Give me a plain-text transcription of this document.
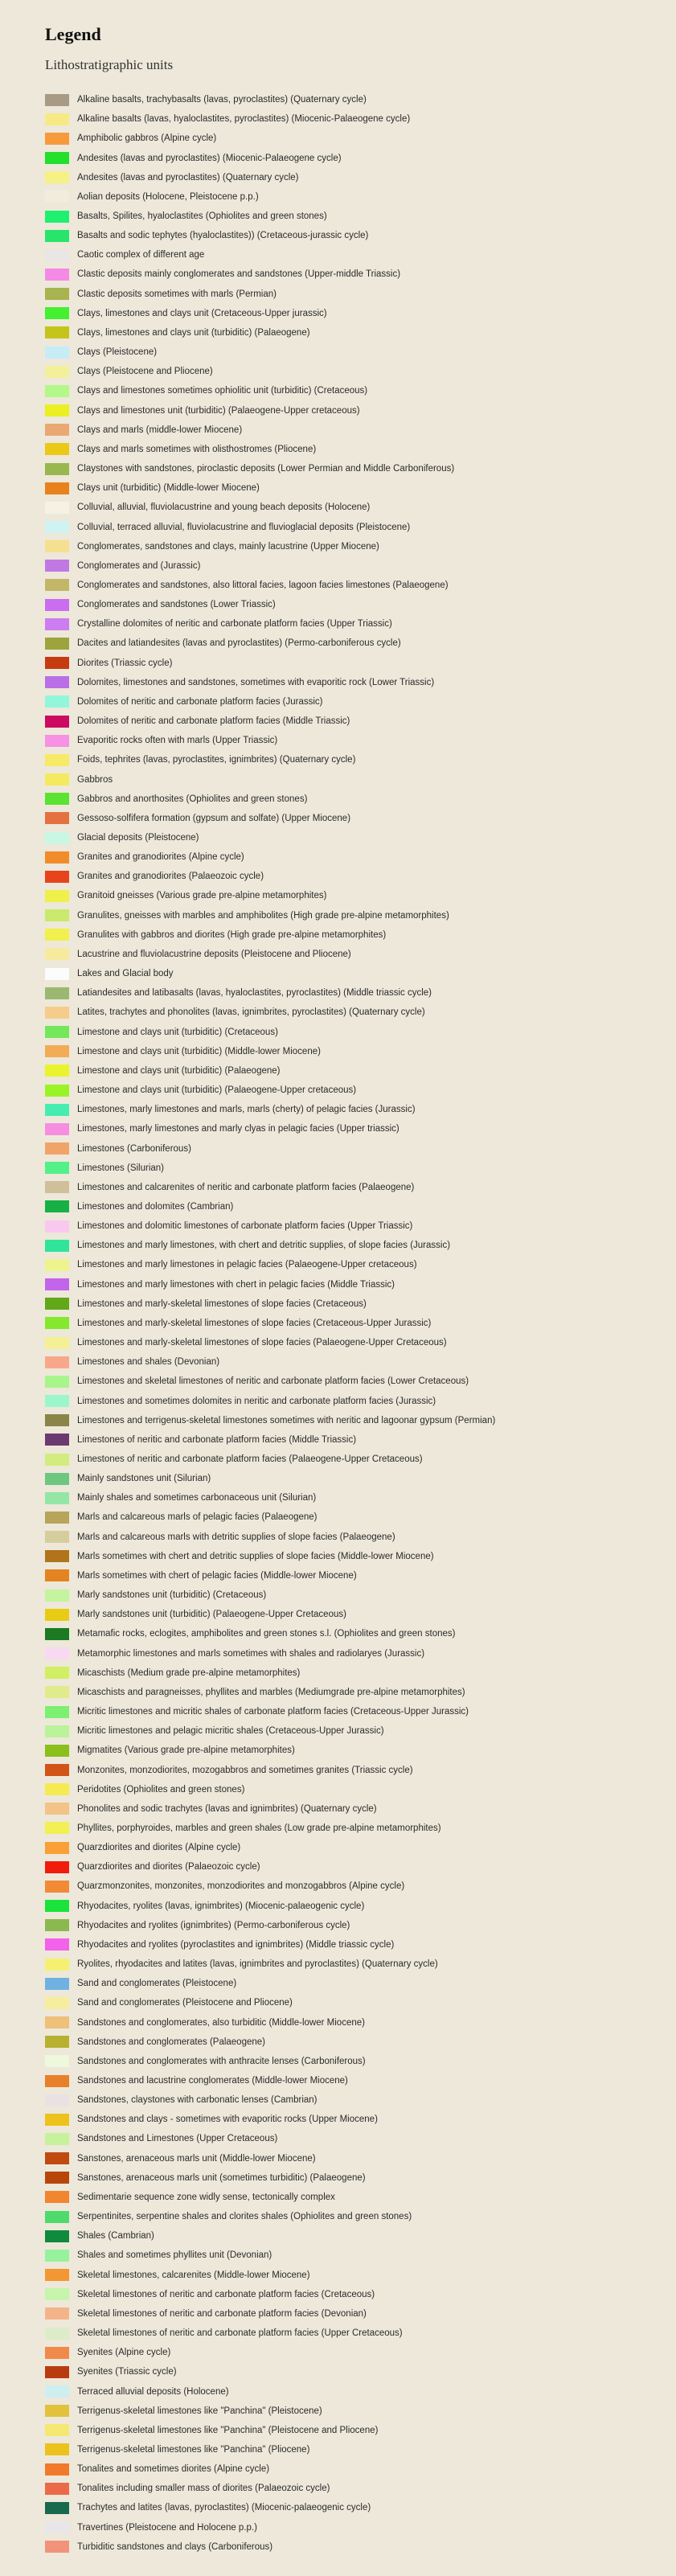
Legend
Lithostratigraphic units
Alkaline basalts, trachybasalts (lavas, pyroclastites) (Quaternary cycle)
Alkaline basalts (lavas, hyaloclastites, pyroclastites) (Miocenic-Palaeogene cycle)
Amphibolic gabbros (Alpine cycle)
Andesites (lavas and pyroclastites) (Miocenic-Palaeogene cycle)
Andesites (lavas and pyroclastites) (Quaternary cycle)
Aolian deposits (Holocene, Pleistocene p.p.)
Basalts, Spilites, hyaloclastites (Ophiolites and green stones)
Basalts and sodic tephytes (hyaloclastites)) (Cretaceous-jurassic cycle)
Caotic complex of different age
Clastic deposits mainly conglomerates and sandstones (Upper-middle Triassic)
Clastic deposits sometimes with marls (Permian)
Clays, limestones and clays unit (Cretaceous-Upper jurassic)
Clays, limestones and clays unit (turbiditic) (Palaeogene)
Clays (Pleistocene)
Clays (Pleistocene and Pliocene)
Clays and limestones sometimes ophiolitic unit (turbiditic) (Cretaceous)
Clays and limestones unit (turbiditic) (Palaeogene-Upper cretaceous)
Clays and marls (middle-lower Miocene)
Clays and marls sometimes with olisthostromes (Pliocene)
Claystones with sandstones, piroclastic deposits (Lower Permian and Middle Carboniferous)
Clays unit (turbiditic) (Middle-lower Miocene)
Colluvial, alluvial, fluviolacustrine and young beach deposits (Holocene)
Colluvial, terraced alluvial, fluviolacustrine and fluvioglacial deposits (Pleistocene)
Conglomerates, sandstones and clays, mainly lacustrine (Upper Miocene)
Conglomerates and (Jurassic)
Conglomerates and sandstones, also littoral facies, lagoon facies limestones (Palaeogene)
Conglomerates and sandstones (Lower Triassic)
Crystalline dolomites of neritic and carbonate platform facies (Upper Triassic)
Dacites and latiandesites (lavas and pyroclastites) (Permo-carboniferous cycle)
Diorites (Triassic cycle)
Dolomites, limestones and sandstones, sometimes with evaporitic rock (Lower Triassic)
Dolomites of neritic and carbonate platform facies (Jurassic)
Dolomites of neritic and carbonate platform facies (Middle Triassic)
Evaporitic rocks often with marls (Upper Triassic)
Foids, tephrites (lavas, pyroclastites, ignimbrites) (Quaternary cycle)
Gabbros
Gabbros and anorthosites (Ophiolites and green stones)
Gessoso-solfifera formation (gypsum and solfate) (Upper Miocene)
Glacial deposits (Pleistocene)
Granites and granodiorites (Alpine cycle)
Granites and granodiorites (Palaeozoic cycle)
Granitoid gneisses (Various grade pre-alpine metamorphites)
Granulites, gneisses with marbles and amphibolites (High grade pre-alpine metamorphites)
Granulites with gabbros and diorites (High grade pre-alpine metamorphites)
Lacustrine and fluviolacustrine deposits (Pleistocene and Pliocene)
Lakes and Glacial body
Latiandesites and latibasalts (lavas, hyaloclastites, pyroclastites) (Middle triassic cycle)
Latites, trachytes and phonolites (lavas, ignimbrites, pyroclastites) (Quaternary cycle)
Limestone and clays unit (turbiditic) (Cretaceous)
Limestone and clays unit (turbiditic) (Middle-lower Miocene)
Limestone and clays unit (turbiditic) (Palaeogene)
Limestone and clays unit (turbiditic) (Palaeogene-Upper cretaceous)
Limestones, marly limestones and marls, marls (cherty) of pelagic facies (Jurassic)
Limestones, marly limestones and marly clyas in pelagic facies (Upper triassic)
Limestones (Carboniferous)
Limestones (Silurian)
Limestones and calcarenites of neritic and carbonate platform facies (Palaeogene)
Limestones and dolomites (Cambrian)
Limestones and dolomitic limestones of carbonate platform facies (Upper Triassic)
Limestones and marly limestones, with chert and detritic supplies, of slope facies (Jurassic)
Limestones and marly limestones in pelagic facies (Palaeogene-Upper cretaceous)
Limestones and marly limestones with chert in pelagic facies (Middle Triassic)
Limestones and marly-skeletal limestones of slope facies (Cretaceous)
Limestones and marly-skeletal limestones of slope facies (Cretaceous-Upper Jurassic)
Limestones and marly-skeletal limestones of slope facies (Palaeogene-Upper Cretaceous)
Limestones and shales (Devonian)
Limestones and skeletal limestones of neritic and carbonate platform facies (Lower Cretaceous)
Limestones and sometimes dolomites in neritic and carbonate platform facies (Jurassic)
Limestones and terrigenus-skeletal limestones sometimes with neritic and lagoonar gypsum (Permian)
Limestones of neritic and carbonate platform facies (Middle Triassic)
Limestones of neritic and carbonate platform facies (Palaeogene-Upper Cretaceous)
Mainly sandstones unit (Silurian)
Mainly shales and sometimes carbonaceous unit (Silurian)
Marls and calcareous marls of pelagic facies (Palaeogene)
Marls and calcareous marls with detritic supplies of slope facies (Palaeogene)
Marls sometimes with chert and detritic supplies of slope facies (Middle-lower Miocene)
Marls sometimes with chert of pelagic facies (Middle-lower Miocene)
Marly sandstones unit (turbiditic) (Cretaceous)
Marly sandstones unit (turbiditic) (Palaeogene-Upper Cretaceous)
Metamafic rocks, eclogites, amphibolites and green stones s.l. (Ophiolites and green stones)
Metamorphic limestones and marls sometimes with shales and radiolaryes (Jurassic)
Micaschists (Medium grade pre-alpine metamorphites)
Micaschists and paragneisses, phyllites and marbles (Mediumgrade pre-alpine metamorphites)
Micritic limestones and micritic shales of carbonate platform facies (Cretaceous-Upper Jurassic)
Micritic limestones and pelagic micritic shales (Cretaceous-Upper Jurassic)
Migmatites (Various grade pre-alpine metamorphites)
Monzonites, monzodiorites, mozogabbros and sometimes granites (Triassic cycle)
Peridotites (Ophiolites and green stones)
Phonolites and sodic trachytes (lavas and ignimbrites) (Quaternary cycle)
Phyllites, porphyroides, marbles and green shales (Low grade pre-alpine metamorphites)
Quarzdiorites and diorites (Alpine cycle)
Quarzdiorites and diorites (Palaeozoic cycle)
Quarzmonzonites, monzonites, monzodiorites and monzogabbros (Alpine cycle)
Rhyodacites, ryolites (lavas, ignimbrites) (Miocenic-palaeogenic cycle)
Rhyodacites and ryolites (ignimbrites) (Permo-carboniferous cycle)
Rhyodacites and ryolites (pyroclastites and ignimbrites) (Middle triassic cycle)
Ryolites, rhyodacites and latites (lavas, ignimbrites and pyroclastites) (Quaternary cycle)
Sand and conglomerates (Pleistocene)
Sand and conglomerates (Pleistocene and Pliocene)
Sandstones and conglomerates, also turbiditic (Middle-lower Miocene)
Sandstones and conglomerates (Palaeogene)
Sandstones and conglomerates with anthracite lenses (Carboniferous)
Sandstones and lacustrine conglomerates (Middle-lower Miocene)
Sandstones, claystones with carbonatic lenses (Cambrian)
Sandstones and clays - sometimes with evaporitic rocks (Upper Miocene)
Sandstones and Limestones (Upper Cretaceous)
Sanstones, arenaceous marls unit (Middle-lower Miocene)
Sanstones, arenaceous marls unit (sometimes turbiditic) (Palaeogene)
Sedimentarie sequence zone widly sense, tectonically complex
Serpentinites, serpentine shales and clorites shales (Ophiolites and green stones)
Shales (Cambrian)
Shales and sometimes phyllites unit (Devonian)
Skeletal limestones, calcarenites (Middle-lower Miocene)
Skeletal limestones of neritic and carbonate platform facies (Cretaceous)
Skeletal limestones of neritic and carbonate platform facies (Devonian)
Skeletal limestones of neritic and carbonate platform facies (Upper Cretaceous)
Syenites (Alpine cycle)
Syenites (Triassic cycle)
Terraced alluvial deposits (Holocene)
Terrigenus-skeletal limestones like "Panchina" (Pleistocene)
Terrigenus-skeletal limestones like "Panchina" (Pleistocene and Pliocene)
Terrigenus-skeletal limestones like "Panchina" (Pliocene)
Tonalites and sometimes diorites (Alpine cycle)
Tonalites including smaller mass of diorites (Palaeozoic cycle)
Trachytes and latites (lavas, pyroclastites) (Miocenic-palaeogenic cycle)
Travertines (Pleistocene and Holocene p.p.)
Turbiditic sandstones and clays (Carboniferous)
